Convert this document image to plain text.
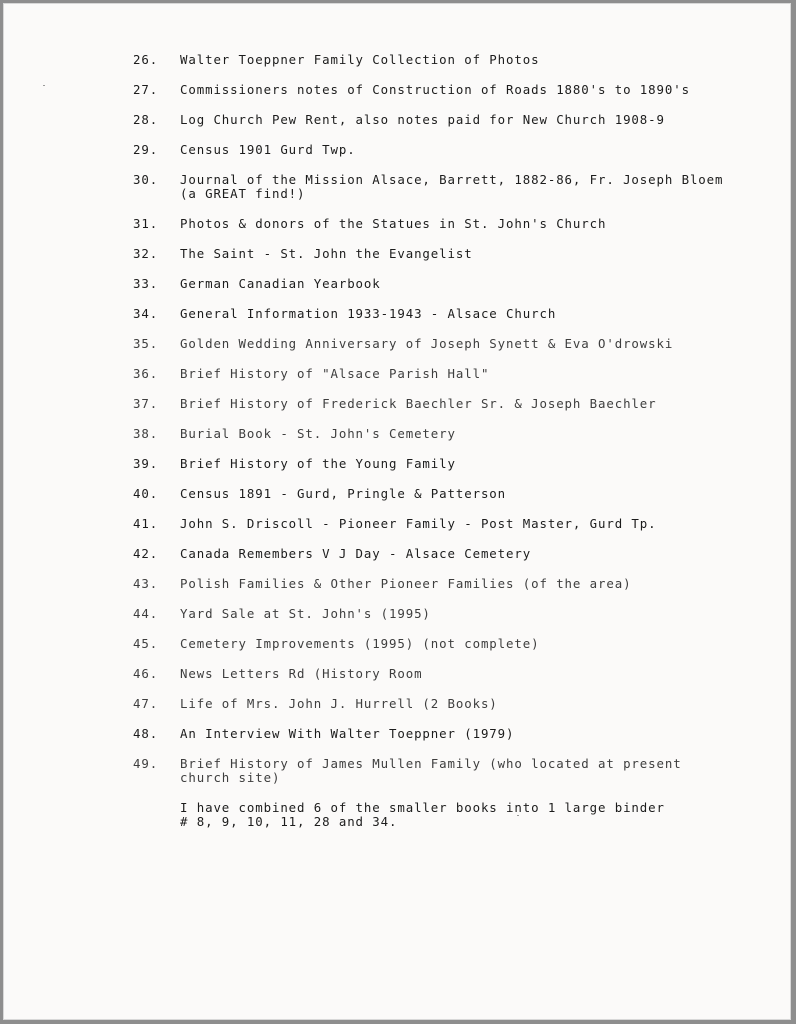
26.	Walter Toeppner Family Collection of Photos
27.	Commissioners notes of Construction of Roads 1880's to 1890's
28.	Log Church Pew Rent, also notes paid for New Church 1908-9
29.	Census 1901 Gurd Twp.
30.	Journal of the Mission Alsace, Barrett, 1882-86, Fr. Joseph Bloem (a GREAT find!)
31.	Photos & donors of the Statues in St. John's Church
32.	The Saint - St. John the Evangelist
33.	German Canadian Yearbook
34.	General Information 1933-1943 - Alsace Church
35.	Golden Wedding Anniversary of Joseph Synett & Eva O'drowski
36.	Brief History of "Alsace Parish Hall"
37.	Brief History of Frederick Baechler Sr. & Joseph Baechler
38.	Burial Book - St. John's Cemetery
39.	Brief History of the Young Family
40.	Census 1891 - Gurd, Pringle & Patterson
41.	John S. Driscoll - Pioneer Family - Post Master, Gurd Tp.
42.	Canada Remembers V J Day - Alsace Cemetery
43.	Polish Families & Other Pioneer Families (of the area)
44.	Yard Sale at St. John's (1995)
45.	Cemetery Improvements (1995) (not complete)
46.	News Letters Rd (History Room
47.	Life of Mrs. John J. Hurrell (2 Books)
48.	An Interview With Walter Toeppner (1979)
49.	Brief History of James Mullen Family (who located at present church site)
I have combined 6 of the smaller books into 1 large binder
# 8, 9, 10, 11, 28 and 34.
